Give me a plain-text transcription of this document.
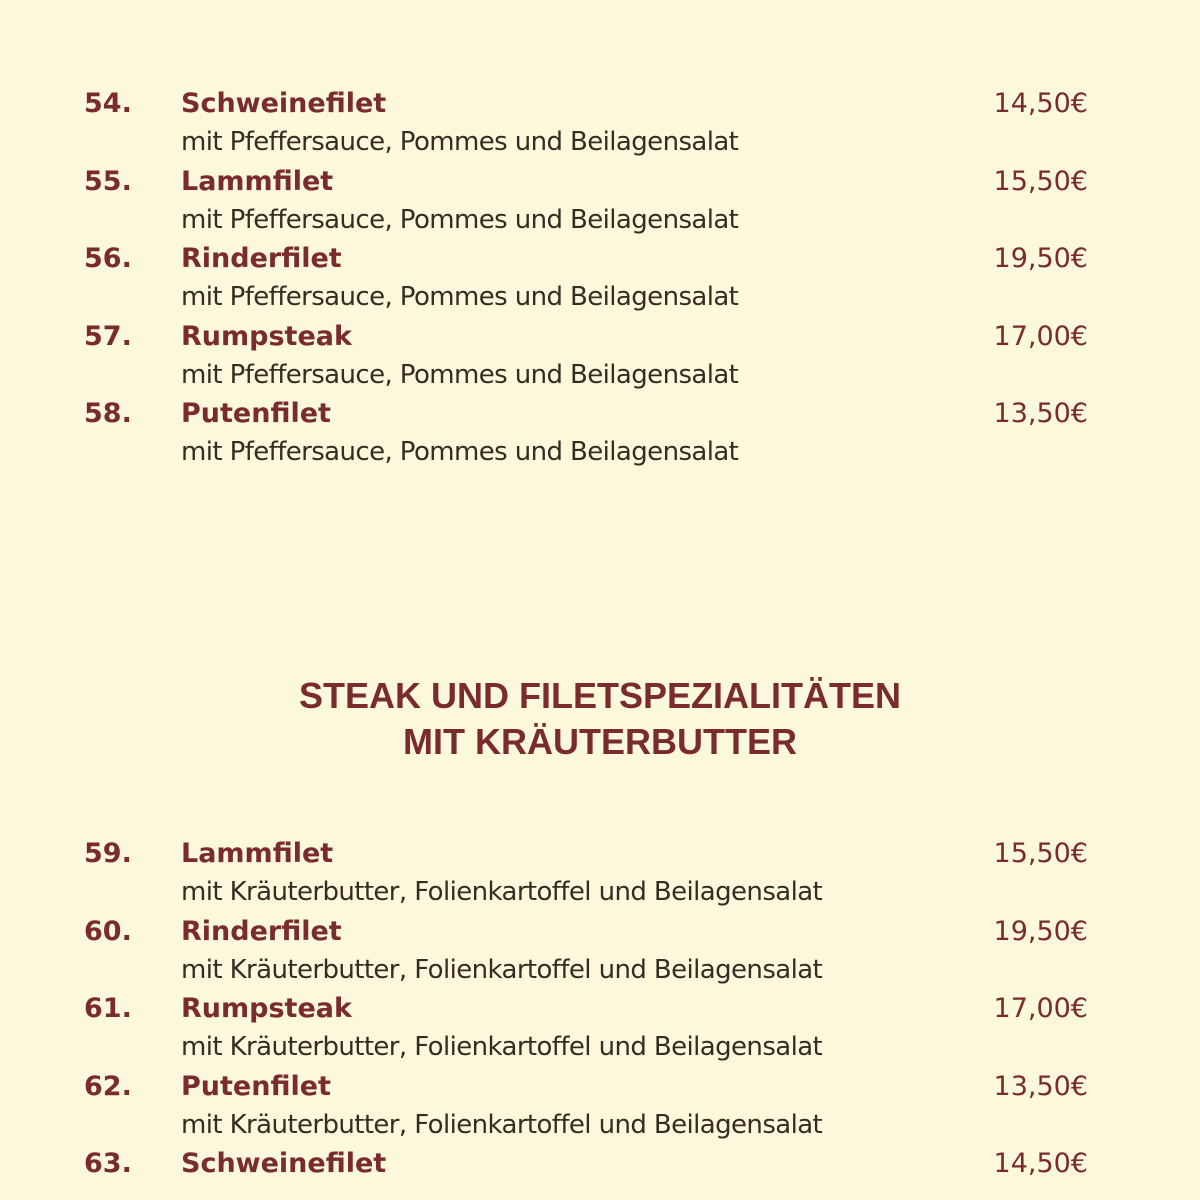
54. Schweinefilet	14,50€
mit Pfeffersauce, Pommes und Beilagensalat
55. Lammfilet	15,50€
mit Pfeffersauce, Pommes und Beilagensalat
56. Rinderfilet	19,50€
mit Pfeffersauce, Pommes und Beilagensalat
57. Rumpsteak	17,00€
mit Pfeffersauce, Pommes und Beilagensalat
58. Putenfilet	13,50€
mit Pfeffersauce, Pommes und Beilagensalat
STEAK UND FILETSPEZIALITÄTEN
MIT KRÄUTERBUTTER
59. Lammfilet	15,50€
mit Kräuterbutter, Folienkartoffel und Beilagensalat
60. Rinderfilet	19,50€
mit Kräuterbutter, Folienkartoffel und Beilagensalat
61. Rumpsteak	17,00€
mit Kräuterbutter, Folienkartoffel und Beilagensalat
62. Putenfilet	13,50€
mit Kräuterbutter, Folienkartoffel und Beilagensalat
63. Schweinefilet	14,50€
